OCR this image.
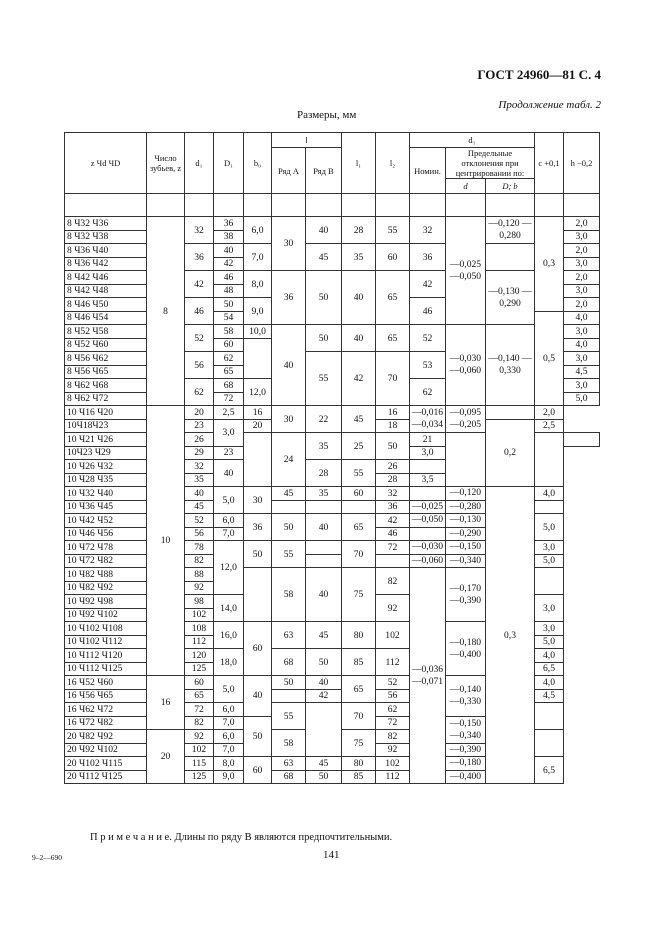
ГОСТ 24960—81 С. 4
Продолжение табл. 2
Размеры, мм
z Чd ЧD	Число зубьев, z	d₁	D₁	b₀	l		l₁	l₂	d₁			с +0,1	h −0,2
					Ряд А	Ряд В			Номин.	Предельные отклонения при центрировании по:			
										d	D; b		

8 Ч32 Ч36	8	32	36	6,0	30	40	28	55	32	—0,025 —0,050	—0,120 —0,280	0,3	2,0
8 Ч32 Ч38			38										3,0
8 Ч36 Ч40		36	40	7,0		45	35	60	36				2,0
8 Ч36 Ч42			42										3,0
8 Ч42 Ч46		42	46	8,0	36	50	40	65	42		—0,130 —0,290		2,0
8 Ч42 Ч48			48										3,0
8 Ч46 Ч50		46	50	9,0					46				2,0
8 Ч46 Ч54			54									0,5	4,0
8 Ч52 Ч58		52	58	10,0	40	50	40	65	52	—0,030 —0,060	—0,140 —0,330		3,0
8 Ч52 Ч60			60										4,0
8 Ч56 Ч62		56	62			55	42	70	53				3,0
8 Ч56 Ч65			65										4,5
8 Ч62 Ч68		62	68	12,0					62				3,0
8 Ч62 Ч72			72										5,0
10 Ч16 Ч20	10	20	2,5	16	30	22	45	16	—0,016 —0,034	—0,095 —0,205		2,0	
10Ч18Ч23		23	3,0	20				18			0,2	2,5	
10 Ч21 Ч26		26			24	35	25	50	21				
10Ч23 Ч29		29	23						3,0				
10 Ч26 Ч32		32	40			28	55	26					
10 Ч28 Ч35		35						28	3,5				
10 Ч32 Ч40		40	5,0	30	45	35	60	32		—0,120	0,3	4,0	
10 Ч36 Ч45		45						36	—0,025	—0,280			
10 Ч42 Ч52		52	6,0	36	50	40	65	42	—0,050	—0,130		5,0	
10 Ч46 Ч56		56	7,0					46		—0,290			
10 Ч72 Ч78		78	12,0	50	55		70	72	—0,030	—0,150		3,0	
10 Ч72 Ч82		82							—0,060	—0,340		5,0	
10 Ч82 Ч88		88			58	40	75	82	—0,036 —0,071	—0,170 —0,390			
10 Ч82 Ч92		92											
10 Ч92 Ч98		98	14,0					92				3,0	
10 Ч92 Ч102		102											
10 Ч102 Ч108		108	16,0	60	63	45	80	102		—0,180 —0,400		3,0	
10 Ч102 Ч112		112										5,0	
10 Ч112 Ч120		120	18,0		68	50	85	112				4,0	
10 Ч112 Ч125		125										6,5	
16 Ч52 Ч60	16	60	5,0	40	50	40	65	52		—0,140 —0,330		4,0	
16 Ч56 Ч65		65				42		56				4,5	
16 Ч62 Ч72		72	6,0		55		70	62					
16 Ч72 Ч82		82	7,0	50				72		—0,150 —0,340			
20 Ч82 Ч92	20	92	6,0		58		75	82					
20 Ч92 Ч102		102	7,0					92		—0,390			
20 Ч102 Ч115		115	8,0	60	63	45	80	102		—0,180		6,5	
20 Ч112 Ч125		125	9,0		68	50	85	112		—0,400			
П р и м е ч а н и е. Длины по ряду В являются предпочтительными.
9–2—690	141
